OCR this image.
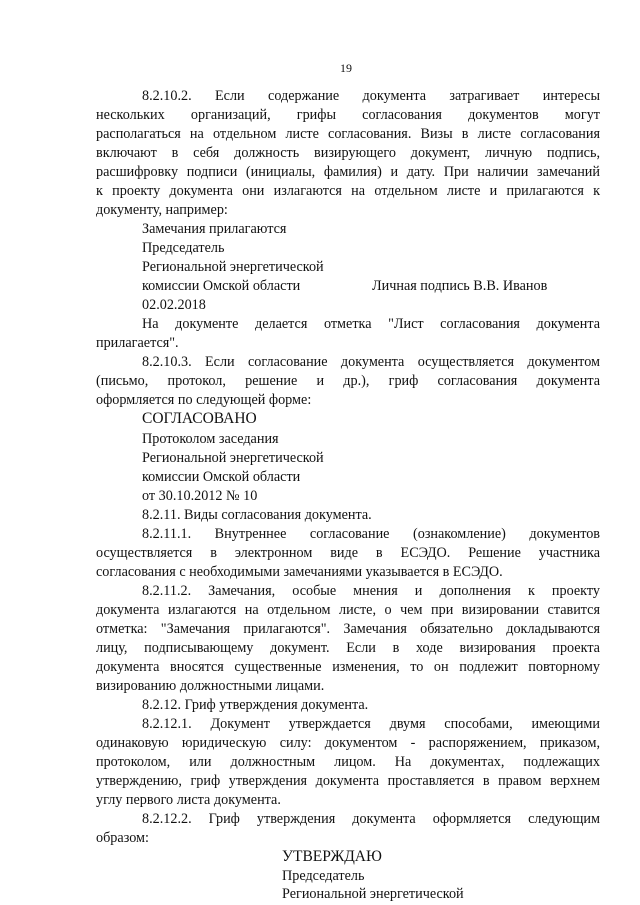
19
8.2.10.2. Если содержание документа затрагивает интересы
нескольких организаций, грифы согласования документов могут
располагаться на отдельном листе согласования. Визы в листе согласования
включают в себя должность визирующего документ, личную подпись,
расшифровку подписи (инициалы, фамилия) и дату. При наличии замечаний
к проекту документа они излагаются на отдельном листе и прилагаются к
документу, например:
Замечания прилагаются
Председатель
Региональной энергетической
комиссии Омской области	Личная подпись В.В. Иванов
02.02.2018
На документе делается отметка "Лист согласования документа
прилагается".
8.2.10.3. Если согласование документа осуществляется документом
(письмо, протокол, решение и др.), гриф согласования документа
оформляется по следующей форме:
СОГЛАСОВАНО
Протоколом заседания
Региональной энергетической
комиссии Омской области
от 30.10.2012 № 10
8.2.11. Виды согласования документа.
8.2.11.1. Внутреннее согласование (ознакомление) документов
осуществляется в электронном виде в ЕСЭДО. Решение участника
согласования с необходимыми замечаниями указывается в ЕСЭДО.
8.2.11.2. Замечания, особые мнения и дополнения к проекту
документа излагаются на отдельном листе, о чем при визировании ставится
отметка: "Замечания прилагаются". Замечания обязательно докладываются
лицу, подписывающему документ. Если в ходе визирования проекта
документа вносятся существенные изменения, то он подлежит повторному
визированию должностными лицами.
8.2.12. Гриф утверждения документа.
8.2.12.1. Документ утверждается двумя способами, имеющими
одинаковую юридическую силу: документом - распоряжением, приказом,
протоколом, или должностным лицом. На документах, подлежащих
утверждению, гриф утверждения документа проставляется в правом верхнем
углу первого листа документа.
8.2.12.2. Гриф утверждения документа оформляется следующим
образом:
УТВЕРЖДАЮ
Председатель
Региональной энергетической
